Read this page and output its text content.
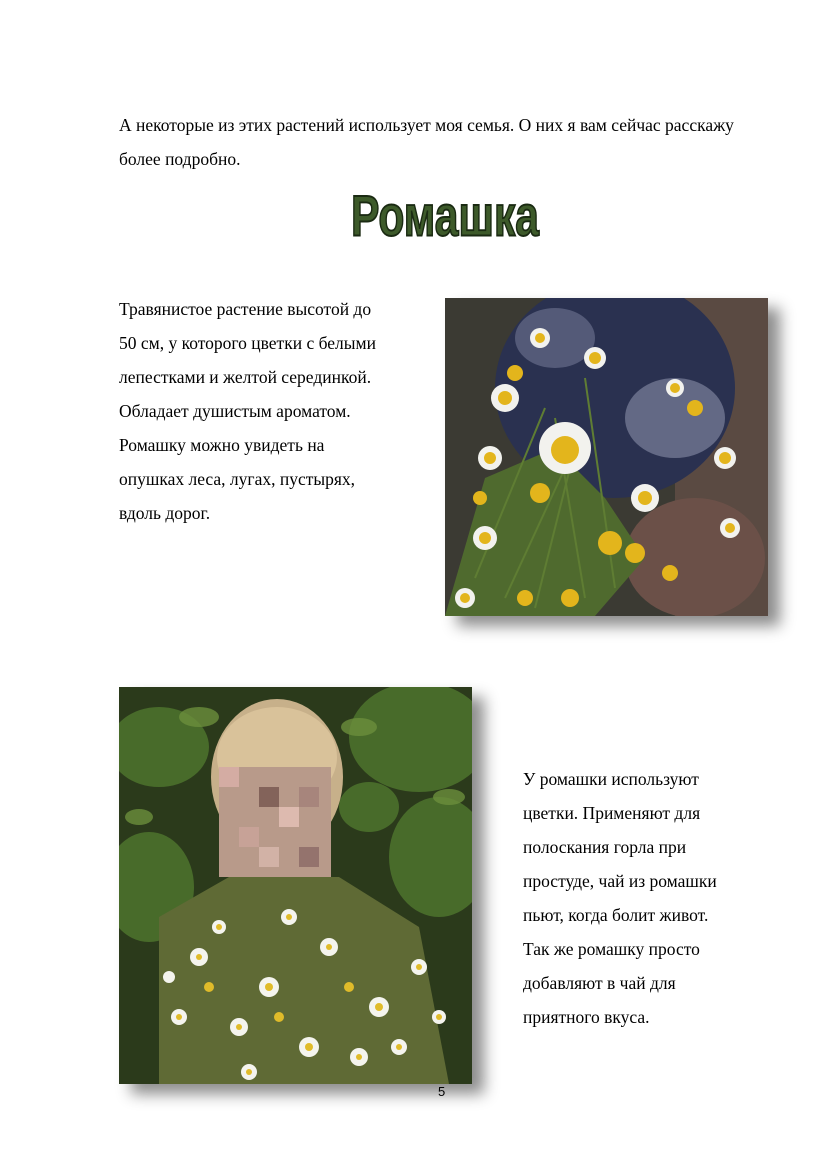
А некоторые из этих растений использует моя семья. О них я вам сейчас расскажу более подробно.

Ромашка
Травянистое растение высотой до
50 см, у которого цветки с белыми
лепестками и желтой серединкой.
Обладает душистым ароматом.
Ромашку можно увидеть на
опушках леса, лугах, пустырях,
вдоль дорог.
У ромашки используют
цветки. Применяют для
полоскания горла при
простуде, чай из ромашки
пьют, когда болит живот.
Так же ромашку просто
добавляют в чай для
приятного вкуса.
5
